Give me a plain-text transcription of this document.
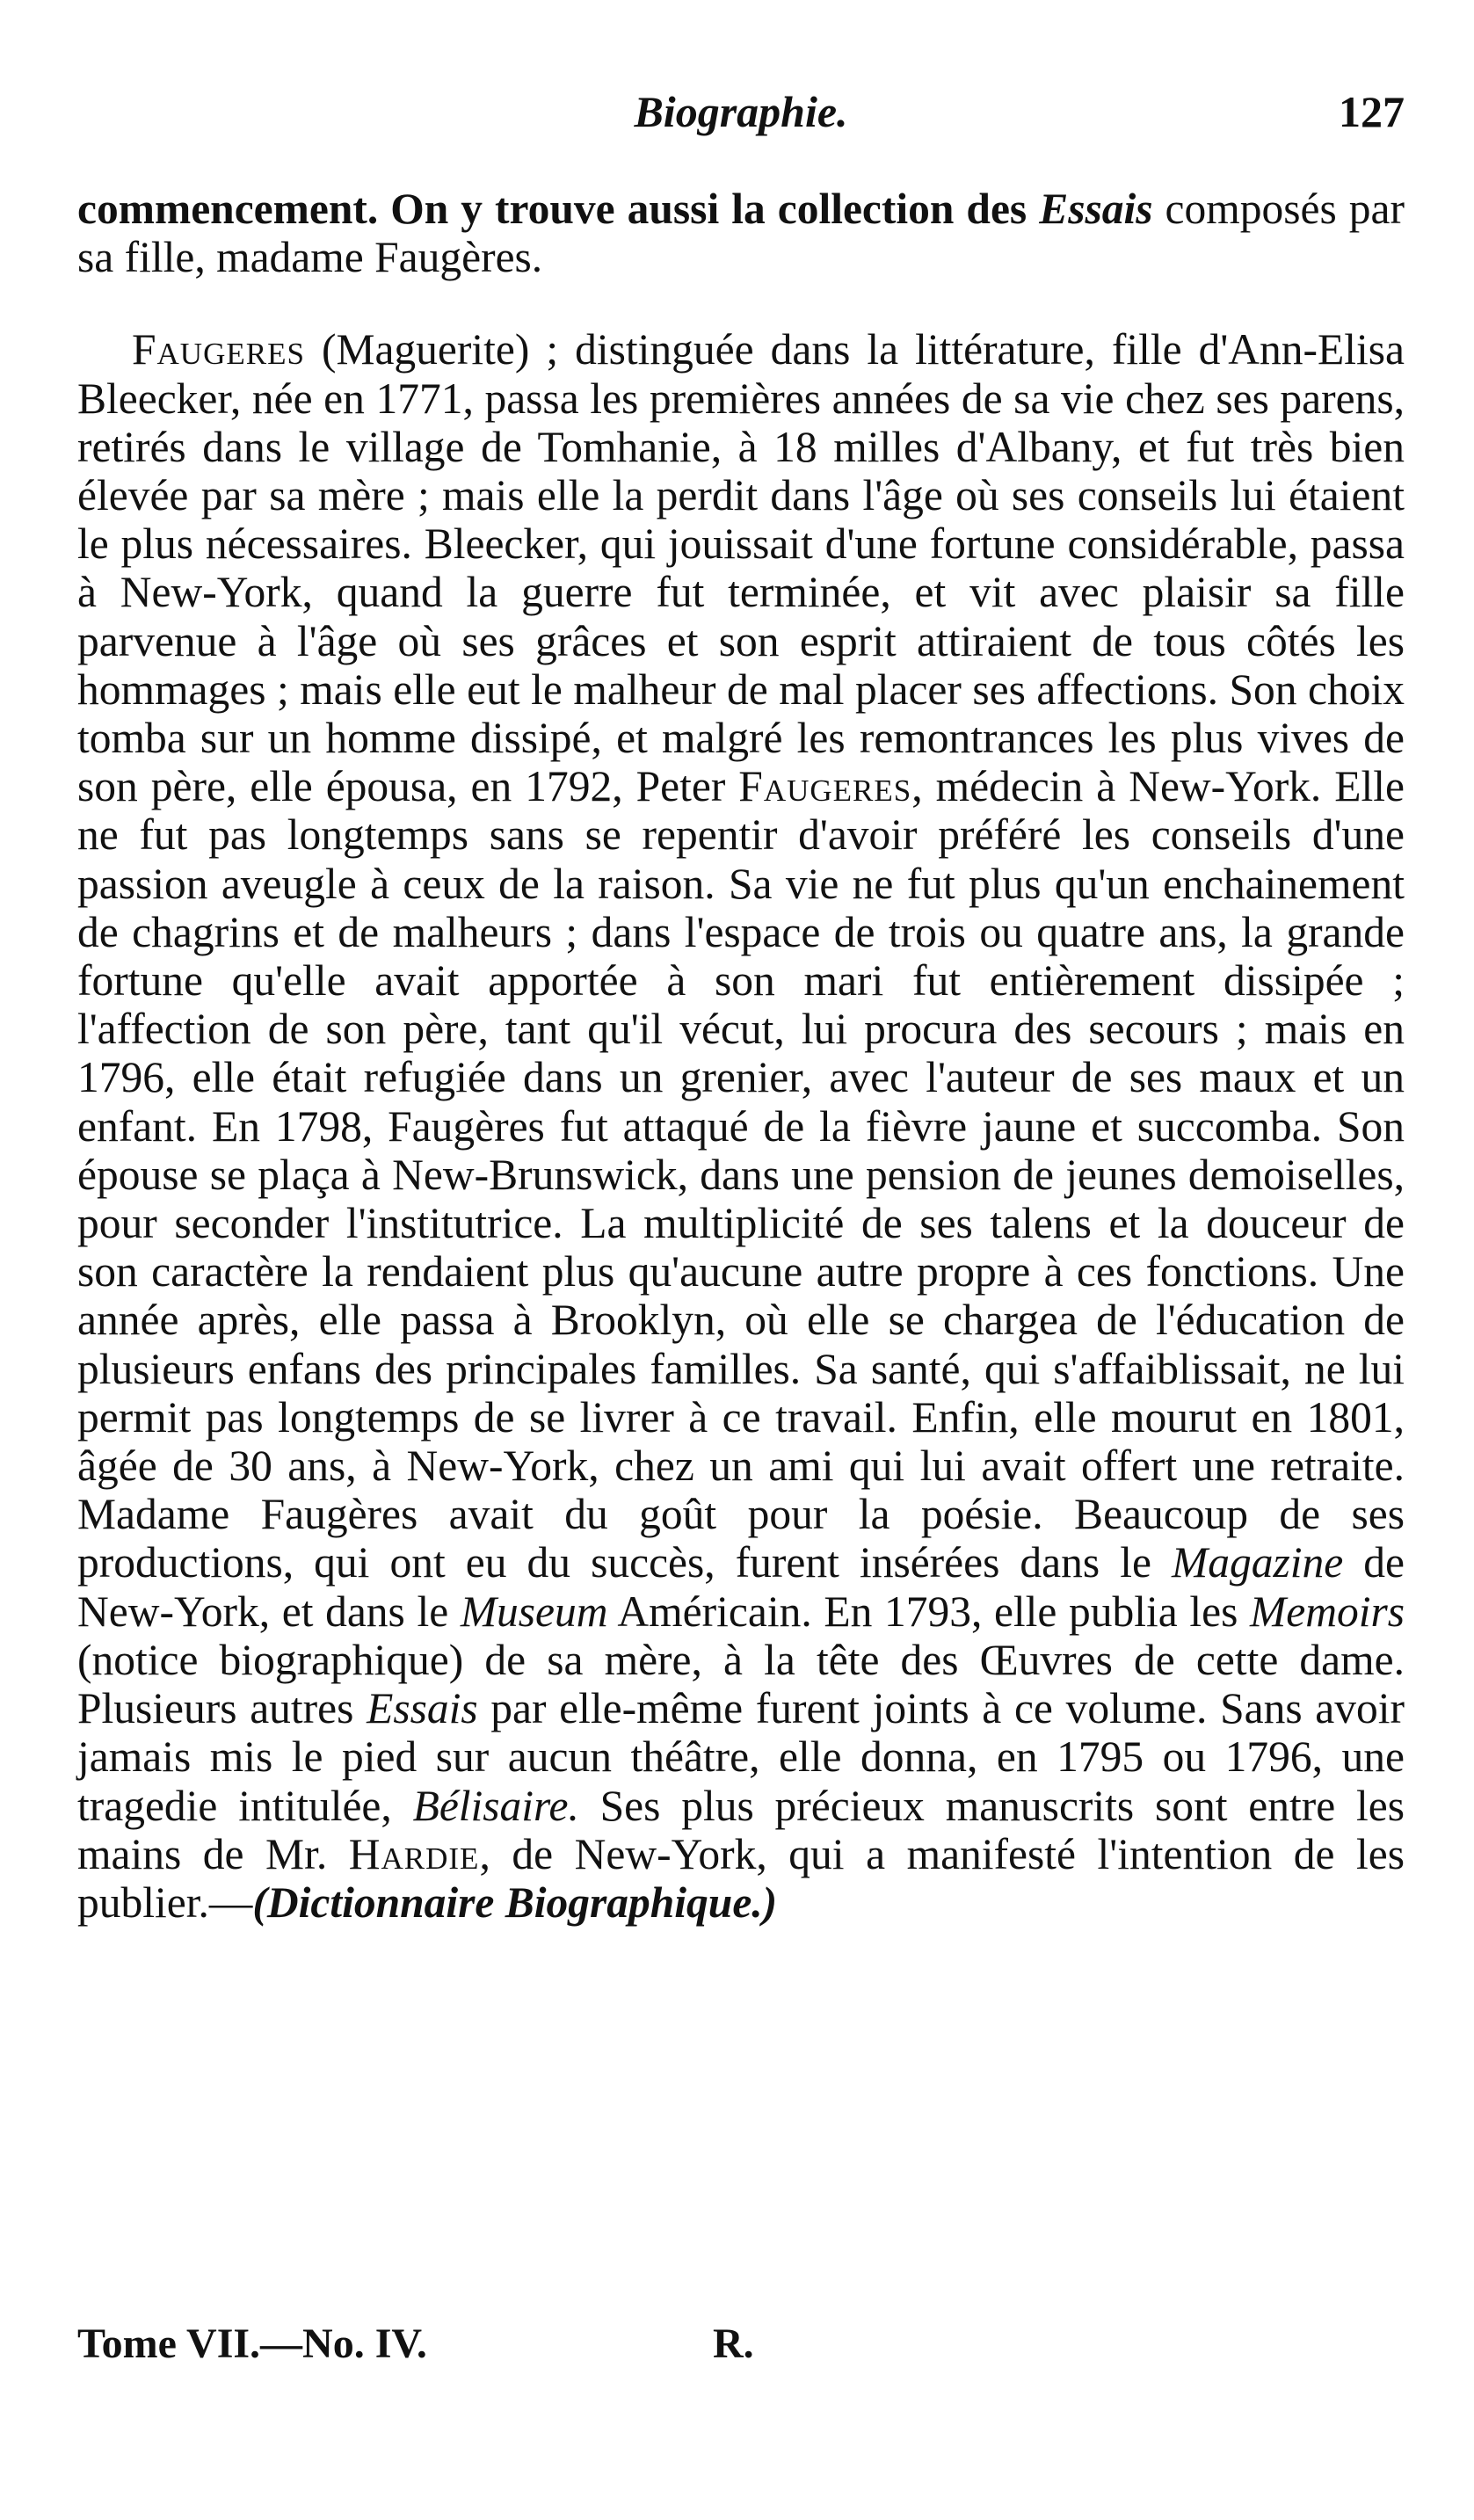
Biographie.	127

commencement. On y trouve aussi la collection des Essais composés par sa fille, madame Faugères.

Faugeres (Maguerite) ; distinguée dans la littérature, fille d'Ann-Elisa Bleecker, née en 1771, passa les premières années de sa vie chez ses parens, retirés dans le village de Tomhanie, à 18 milles d'Albany, et fut très bien élevée par sa mère ; mais elle la perdit dans l'âge où ses conseils lui étaient le plus nécessaires. Bleecker, qui jouissait d'une fortune considérable, passa à New-York, quand la guerre fut terminée, et vit avec plaisir sa fille parvenue à l'âge où ses grâces et son esprit attiraient de tous côtés les hommages ; mais elle eut le malheur de mal placer ses affections. Son choix tomba sur un homme dissipé, et malgré les remontrances les plus vives de son père, elle épousa, en 1792, Peter Faugeres, médecin à New-York. Elle ne fut pas longtemps sans se repentir d'avoir préféré les conseils d'une passion aveugle à ceux de la raison. Sa vie ne fut plus qu'un enchainement de chagrins et de malheurs ; dans l'espace de trois ou quatre ans, la grande fortune qu'elle avait apportée à son mari fut entièrement dissipée ; l'affection de son père, tant qu'il vécut, lui procura des secours ; mais en 1796, elle était refugiée dans un grenier, avec l'auteur de ses maux et un enfant. En 1798, Faugères fut attaqué de la fièvre jaune et succomba. Son épouse se plaça à New-Brunswick, dans une pension de jeunes demoiselles, pour seconder l'institutrice. La multiplicité de ses talens et la douceur de son caractère la rendaient plus qu'aucune autre propre à ces fonctions. Une année après, elle passa à Brooklyn, où elle se chargea de l'éducation de plusieurs enfans des principales familles. Sa santé, qui s'affaiblissait, ne lui permit pas longtemps de se livrer à ce travail. Enfin, elle mourut en 1801, âgée de 30 ans, à New-York, chez un ami qui lui avait offert une retraite. Madame Faugères avait du goût pour la poésie. Beaucoup de ses productions, qui ont eu du succès, furent insérées dans le Magazine de New-York, et dans le Museum Américain. En 1793, elle publia les Memoirs (notice biographique) de sa mère, à la tête des Œuvres de cette dame. Plusieurs autres Essais par elle-même furent joints à ce volume. Sans avoir jamais mis le pied sur aucun théâtre, elle donna, en 1795 ou 1796, une tragedie intitulée, Bélisaire. Ses plus précieux manuscrits sont entre les mains de Mr. Hardie, de New-York, qui a manifesté l'intention de les publier.—(Dictionnaire Biographique.)

Tome VII.—No. IV.	R.
